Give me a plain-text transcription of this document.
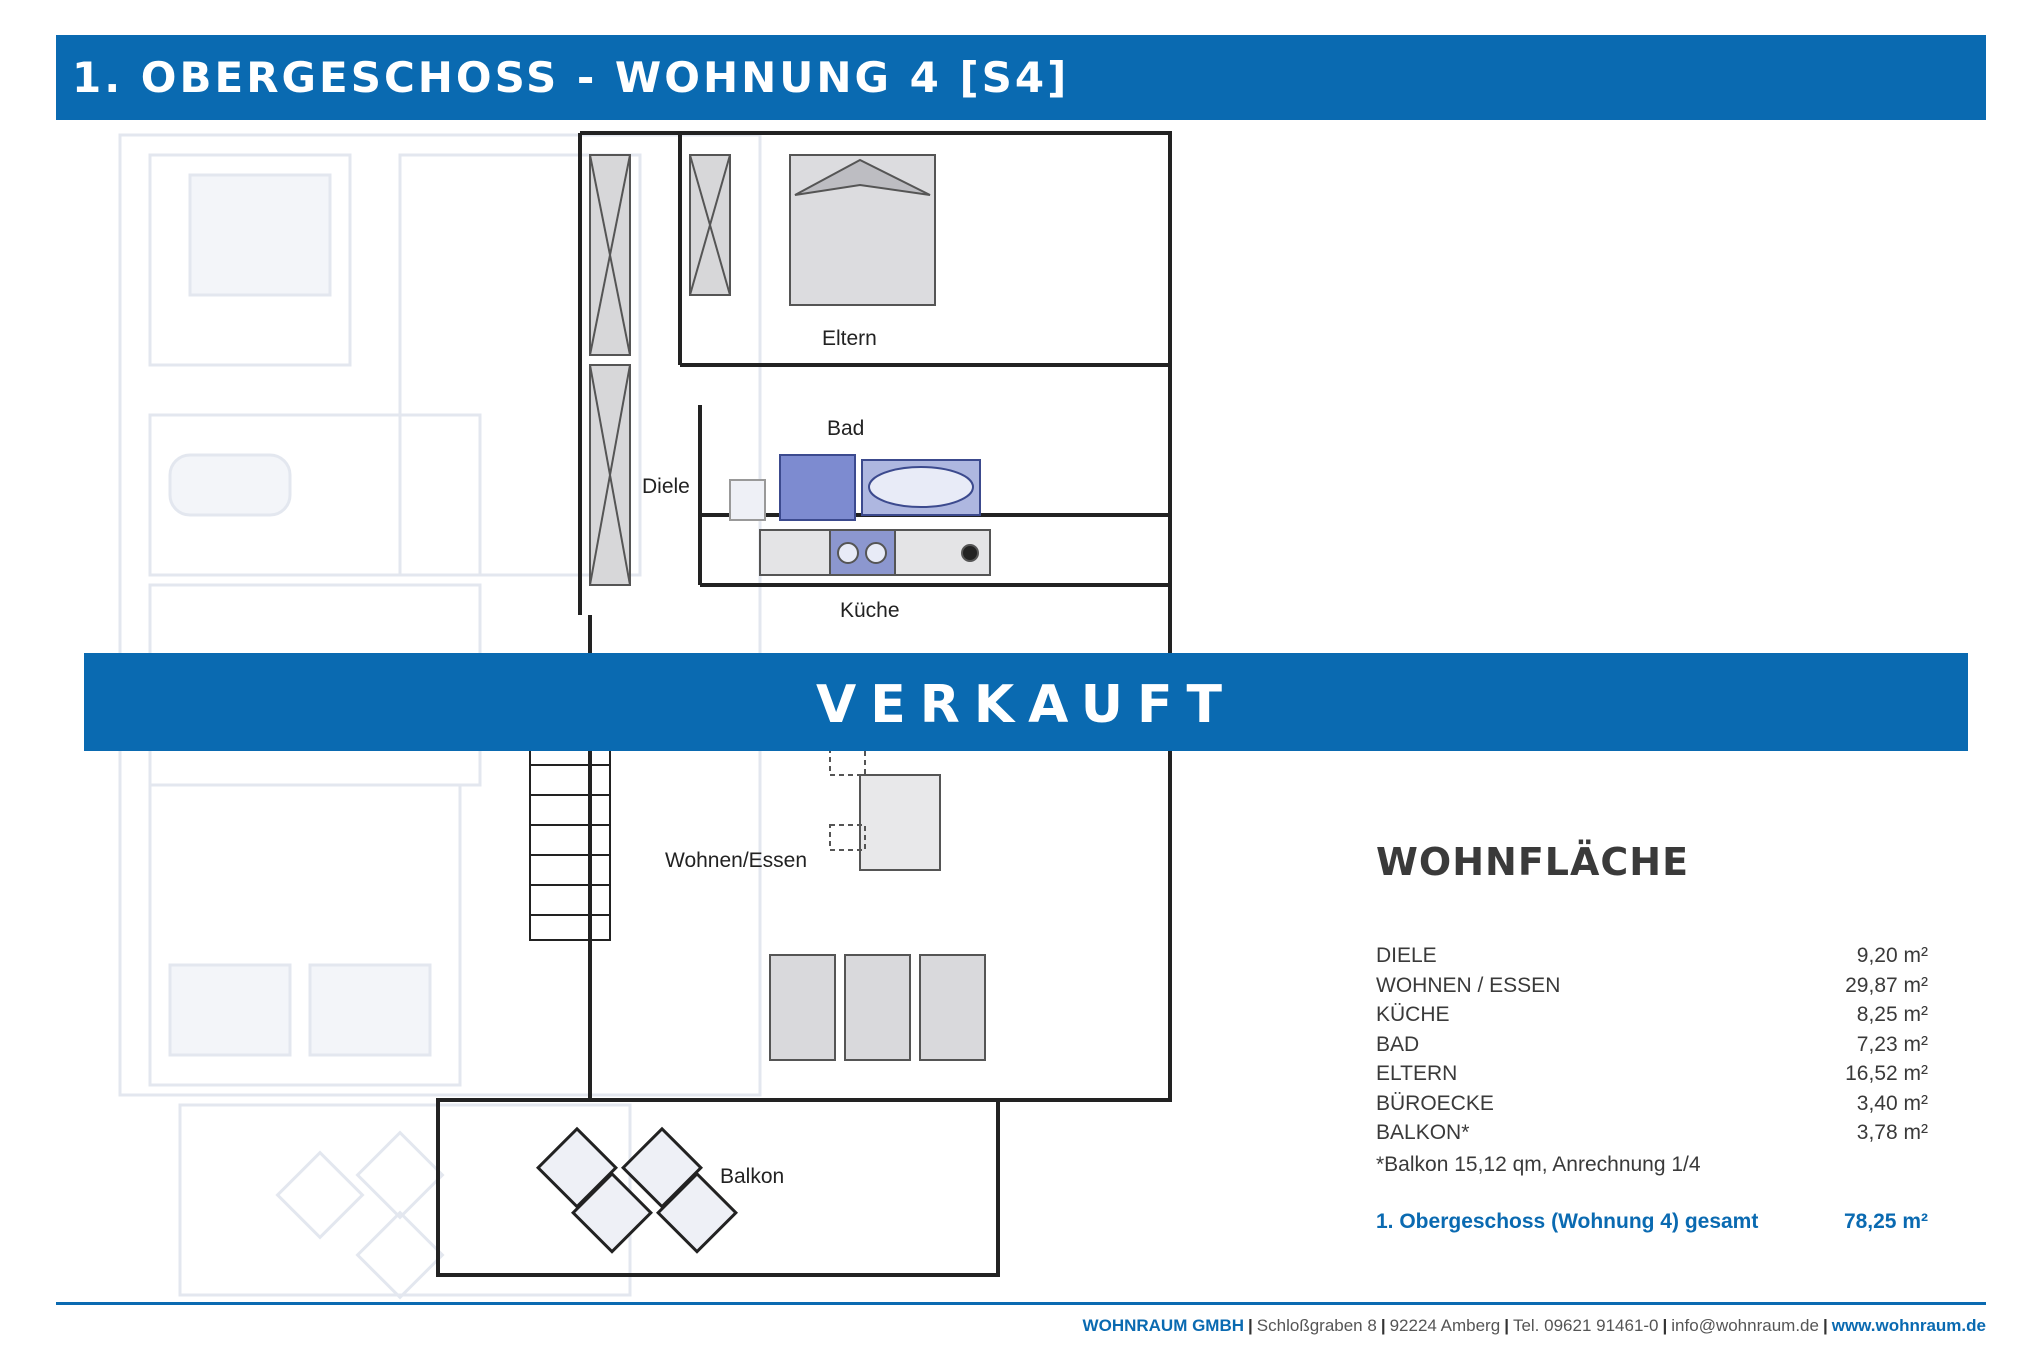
1. OBERGESCHOSS - WOHNUNG 4 [S4]
Eltern
Bad
Diele
Küche
Wohnen/Essen
Balkon
VERKAUFT
WOHNFLÄCHE
DIELE	9,20 m²
WOHNEN / ESSEN	29,87 m²
KÜCHE	8,25 m²
BAD	7,23 m²
ELTERN	16,52 m²
BÜROECKE	3,40 m²
BALKON*	3,78 m²
*Balkon 15,12 qm, Anrechnung 1/4
1. Obergeschoss (Wohnung 4) gesamt	78,25 m²
WOHNRAUM GMBH | Schloßgraben 8 | 92224 Amberg | Tel. 09621 91461-0 | info@wohnraum.de | www.wohnraum.de
